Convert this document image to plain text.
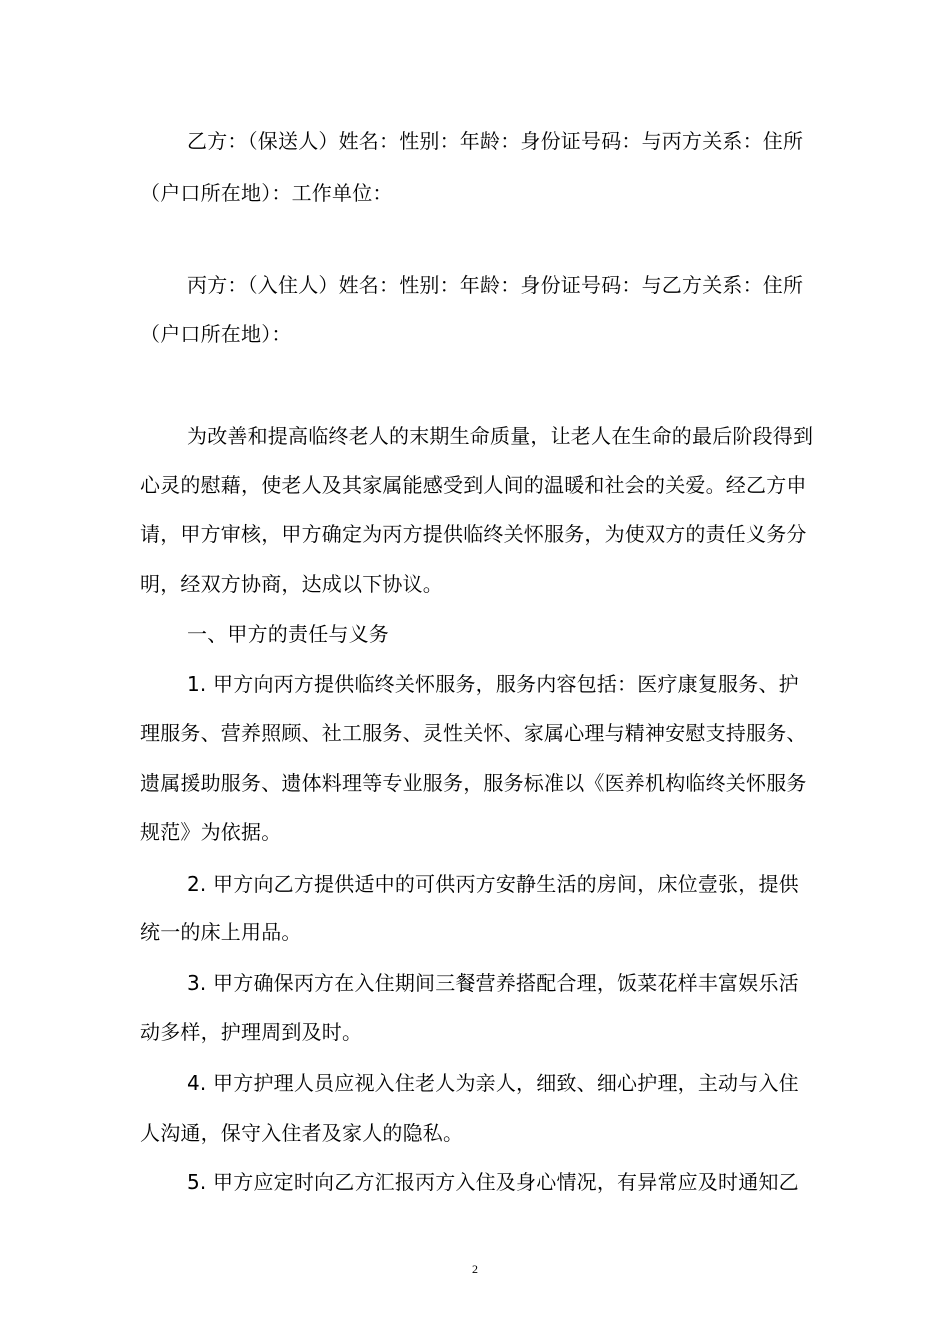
乙方：（保送人）姓名：性别：年龄：身份证号码：与丙方关系：住所
（户口所在地）：工作单位：
丙方：（入住人）姓名：性别：年龄：身份证号码：与乙方关系：住所
（户口所在地）：
为改善和提高临终老人的末期生命质量，让老人在生命的最后阶段得到
心灵的慰藉，使老人及其家属能感受到人间的温暖和社会的关爱。经乙方申
请，甲方审核，甲方确定为丙方提供临终关怀服务，为使双方的责任义务分
明，经双方协商，达成以下协议。
一、甲方的责任与义务
1. 甲方向丙方提供临终关怀服务，服务内容包括：医疗康复服务、护
理服务、营养照顾、社工服务、灵性关怀、家属心理与精神安慰支持服务、
遗属援助服务、遗体料理等专业服务，服务标准以《医养机构临终关怀服务
规范》为依据。
2. 甲方向乙方提供适中的可供丙方安静生活的房间，床位壹张，提供
统一的床上用品。
3. 甲方确保丙方在入住期间三餐营养搭配合理，饭菜花样丰富娱乐活
动多样，护理周到及时。
4. 甲方护理人员应视入住老人为亲人，细致、细心护理，主动与入住
人沟通，保守入住者及家人的隐私。
5. 甲方应定时向乙方汇报丙方入住及身心情况，有异常应及时通知乙
2
